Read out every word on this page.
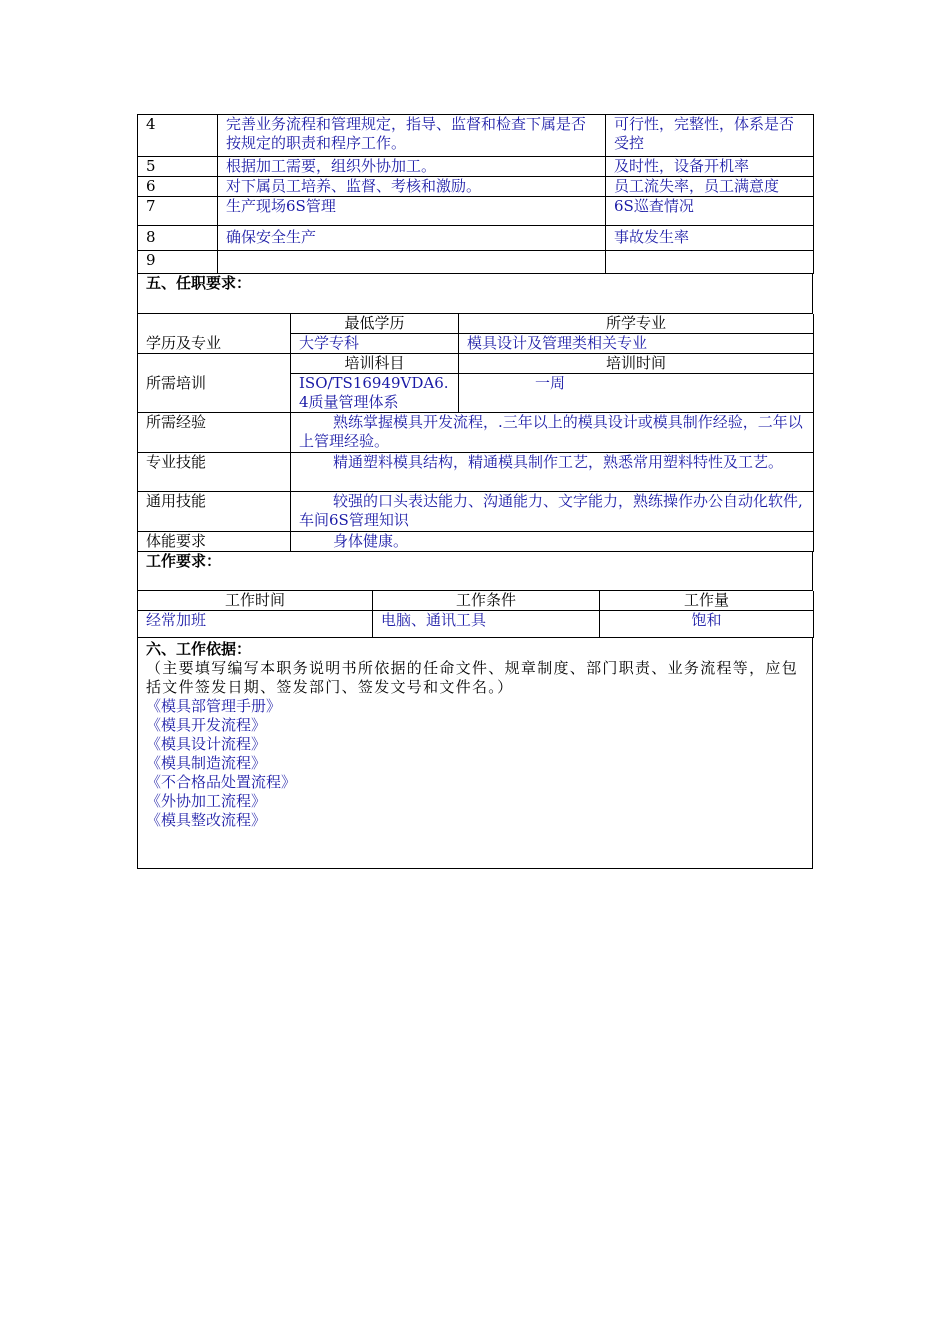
4	完善业务流程和管理规定，指导、监督和检查下属是否按规定的职责和程序工作。	可行性，完整性，体系是否受控
5	根据加工需要，组织外协加工。	及时性，设备开机率
6	对下属员工培养、监督、考核和激励。	员工流失率，员工满意度
7	生产现场6S管理	6S巡查情况
8	确保安全生产	事故发生率
9		
五、任职要求：
学历及专业	最低学历	所学专业
	大学专科	模具设计及管理类相关专业
所需培训	培训科目	培训时间
	ISO/TS16949VDA6.4质量管理体系	一周
所需经验	熟练掌握模具开发流程，.三年以上的模具设计或模具制作经验，二年以上管理经验。	

专业技能	精通塑料模具结构，精通模具制作工艺，熟悉常用塑料特性及工艺。	

通用技能	较强的口头表达能力、沟通能力、文字能力，熟练操作办公自动化软件,车间6S管理知识	

体能要求	身体健康。	
工作要求：
工作时间	工作条件	工作量
经常加班	电脑、通讯工具	饱和
六、工作依据：
（主要填写编写本职务说明书所依据的任命文件、规章制度、部门职责、业务流程等，应包括文件签发日期、签发部门、签发文号和文件名。）
《模具部管理手册》
《模具开发流程》
《模具设计流程》
《模具制造流程》
《不合格品处置流程》
《外协加工流程》
《模具整改流程》
